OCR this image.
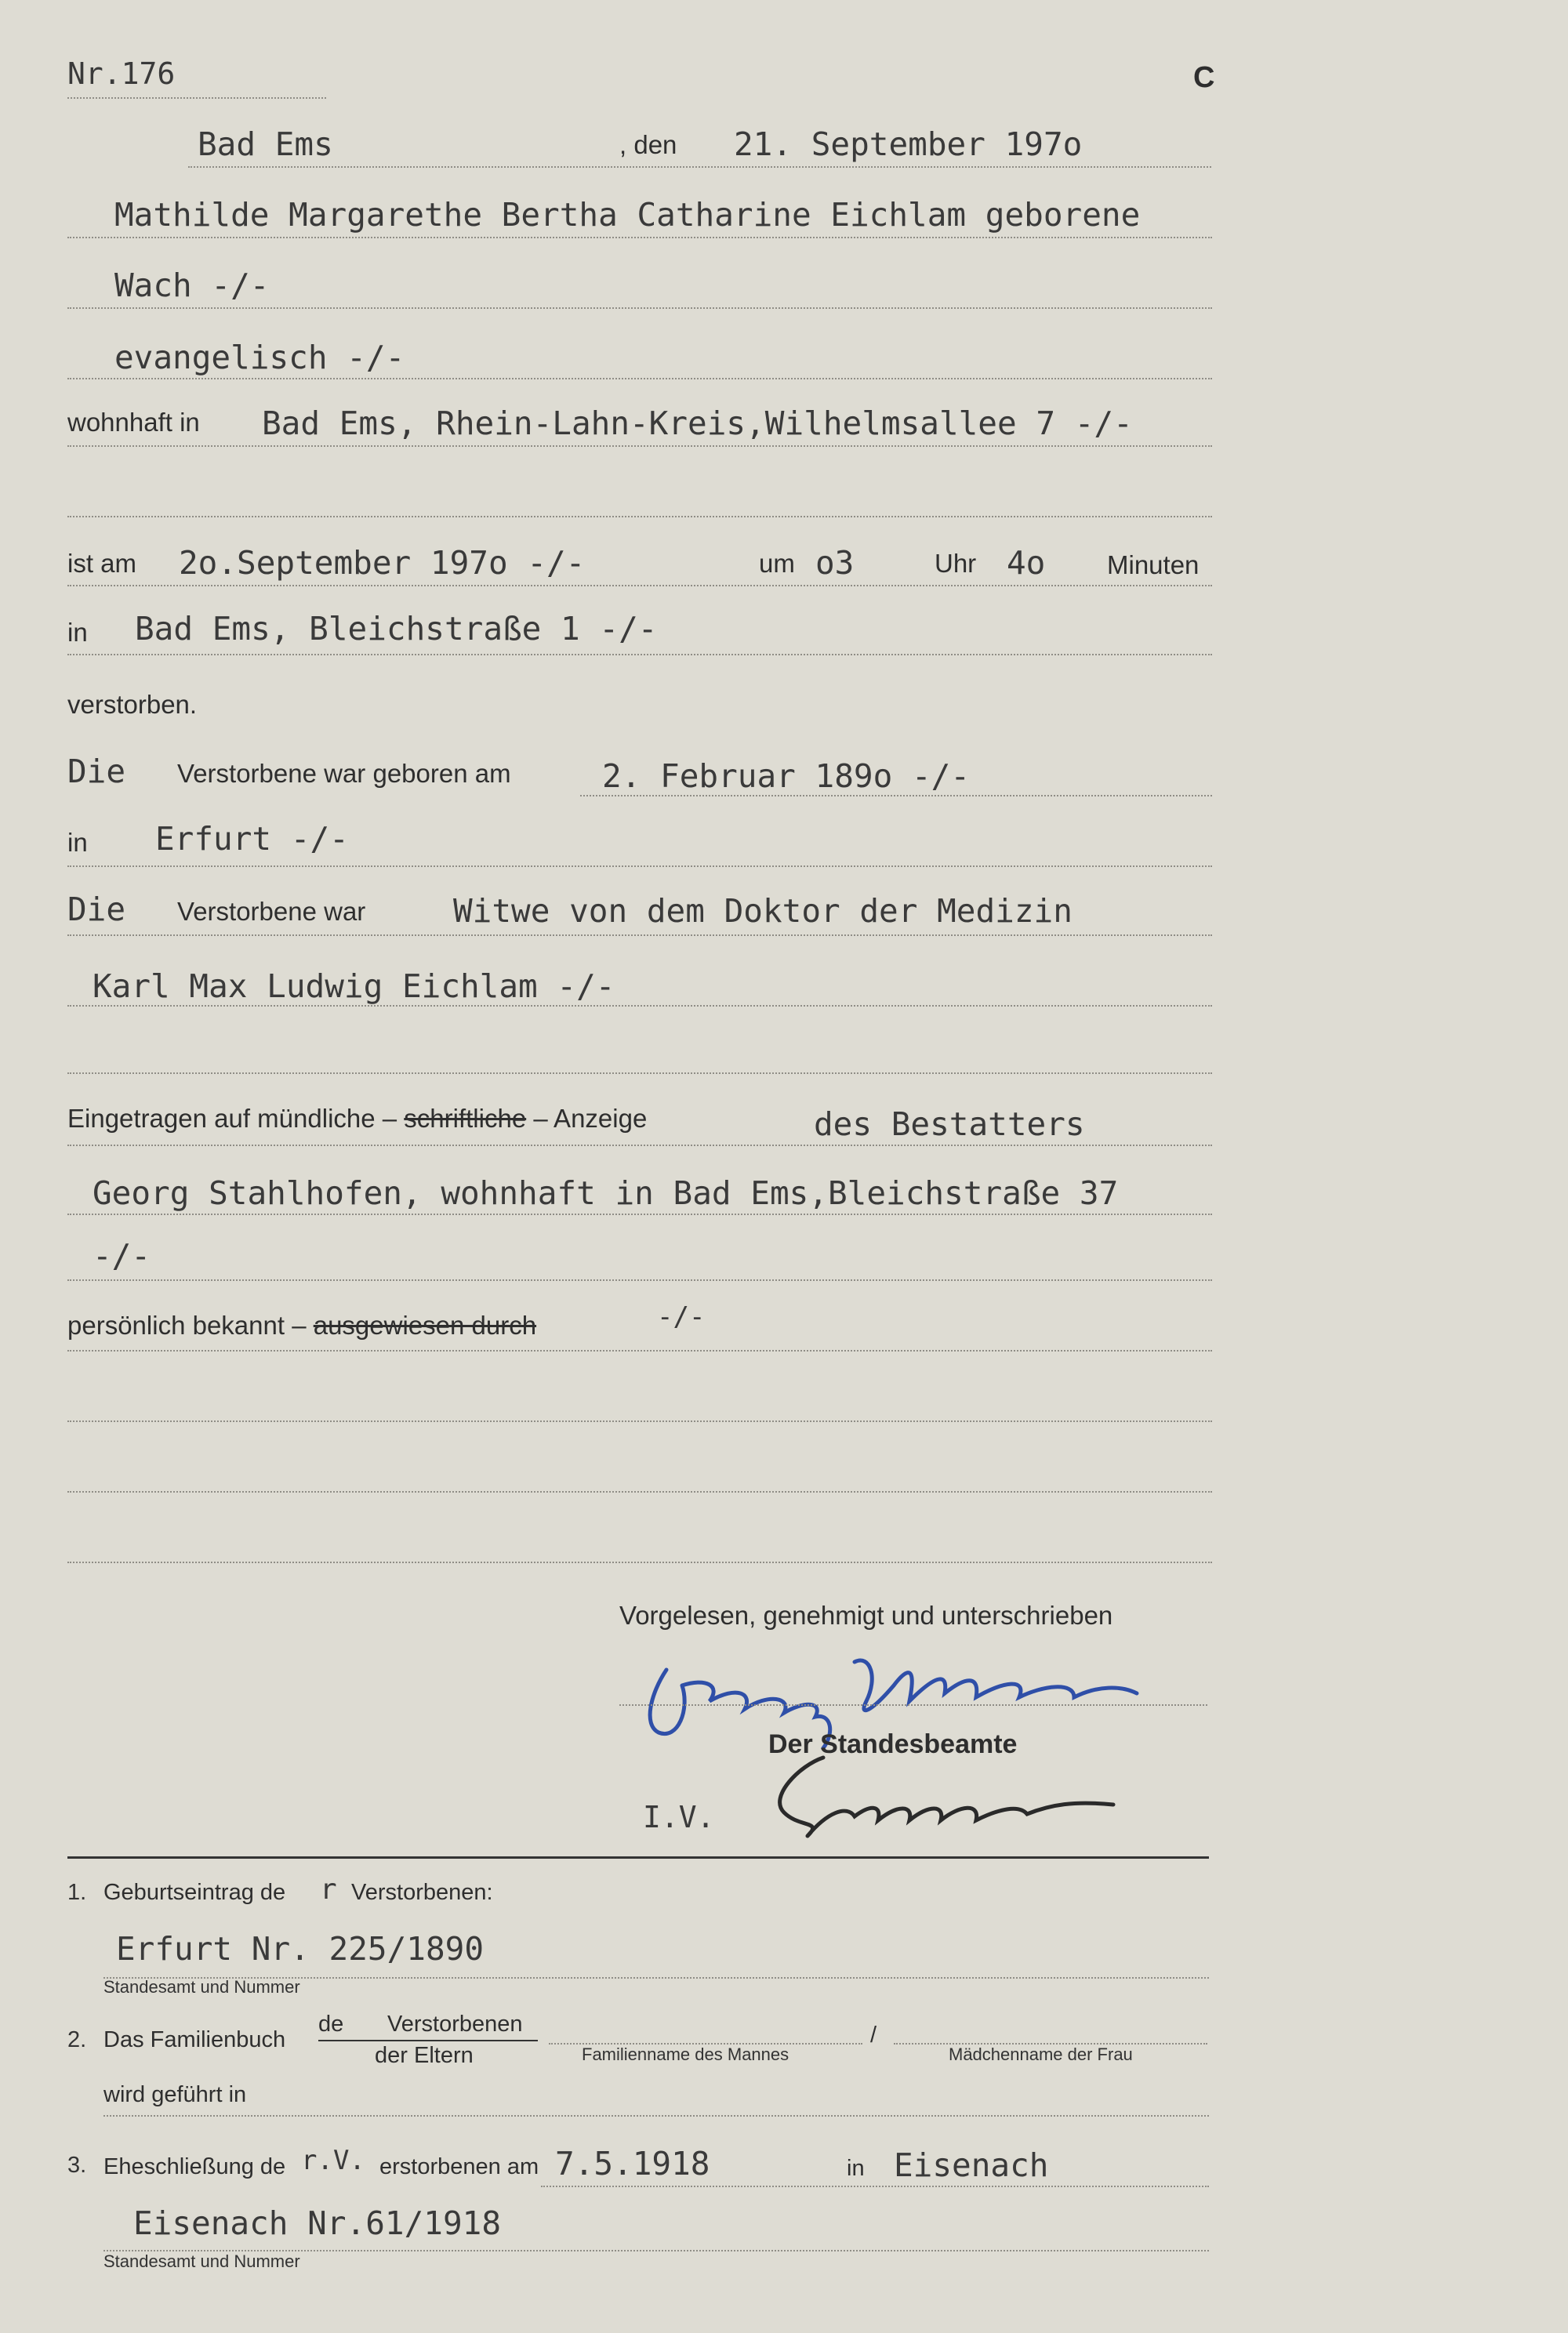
Nr.176	C
Bad Ems	, den 21. September 197o
Mathilde Margarethe Bertha Catharine Eichlam geborene
Wach -/-
evangelisch -/-
wohnhaft in Bad Ems, Rhein-Lahn-Kreis,Wilhelmsallee 7 -/-
ist am 2o.September 197o -/-	um o3	Uhr 4o Minuten
in Bad Ems, Bleichstraße 1 -/-
verstorben.
Die Verstorbene war geboren am	2. Februar 189o -/-
in Erfurt -/-
Die Verstorbene war	Witwe von dem Doktor der Medizin
Karl Max Ludwig Eichlam -/-
Eingetragen auf mündliche – schriftliche – Anzeige	des Bestatters
Georg Stahlhofen, wohnhaft in Bad Ems,Bleichstraße 37
-/-
persönlich bekannt – ausgewiesen durch	-/-
Vorgelesen, genehmigt und unterschrieben
Der Standesbeamte
I.V.
1. Geburtseintrag de r Verstorbenen:
Erfurt Nr. 225/1890
Standesamt und Nummer
2. Das Familienbuch
de Verstorbenen
der Eltern	Familienname des Mannes
/
Mädchenname der Frau
wird geführt in
3. Eheschließung de r.V. erstorbenen am 7.5.1918	in Eisenach
Eisenach Nr.61/1918
Standesamt und Nummer
